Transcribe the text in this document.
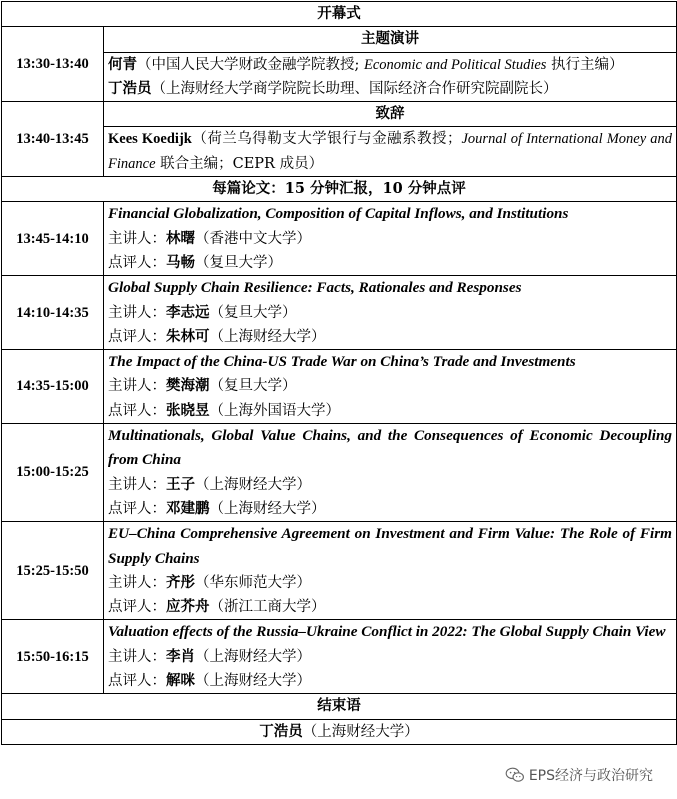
开幕式	
13:30-13:40	主题演讲

	何青（中国人民大学财政金融学院教授; Economic and Political Studies 执行主编）
丁浩员（上海财经大学商学院院长助理、国际经济合作研究院副院长）

13:40-13:45	致辞
	Kees Koedijk（荷兰乌得勒支大学银行与金融系教授；Journal of International Money and Finance 联合主编；CEPR 成员）
每篇论文：15 分钟汇报，10 分钟点评	
13:45-14:10	Financial Globalization, Composition of Capital Inflows, and Institutions
主讲人：林曙（香港中文大学）
点评人：马畅（复旦大学）

14:10-14:35	Global Supply Chain Resilience: Facts, Rationales and Responses
主讲人：李志远（复旦大学）
点评人：朱林可（上海财经大学）

14:35-15:00	The Impact of the China-US Trade War on China’s Trade and Investments
主讲人：樊海潮（复旦大学）
点评人：张晓昱（上海外国语大学）

15:00-15:25	Multinationals, Global Value Chains, and the Consequences of Economic Decoupling from China
主讲人：王子（上海财经大学）
点评人：邓建鹏（上海财经大学）

15:25-15:50	EU–China Comprehensive Agreement on Investment and Firm Value: The Role of Firm Supply Chains
主讲人：齐彤（华东师范大学）
点评人：应芥舟（浙江工商大学）

15:50-16:15	Valuation effects of the Russia–Ukraine Conflict in 2022: The Global Supply Chain View
主讲人：李肖（上海财经大学）
点评人：解咪（上海财经大学）

结束语	
丁浩员（上海财经大学）	
EPS经济与政治研究
